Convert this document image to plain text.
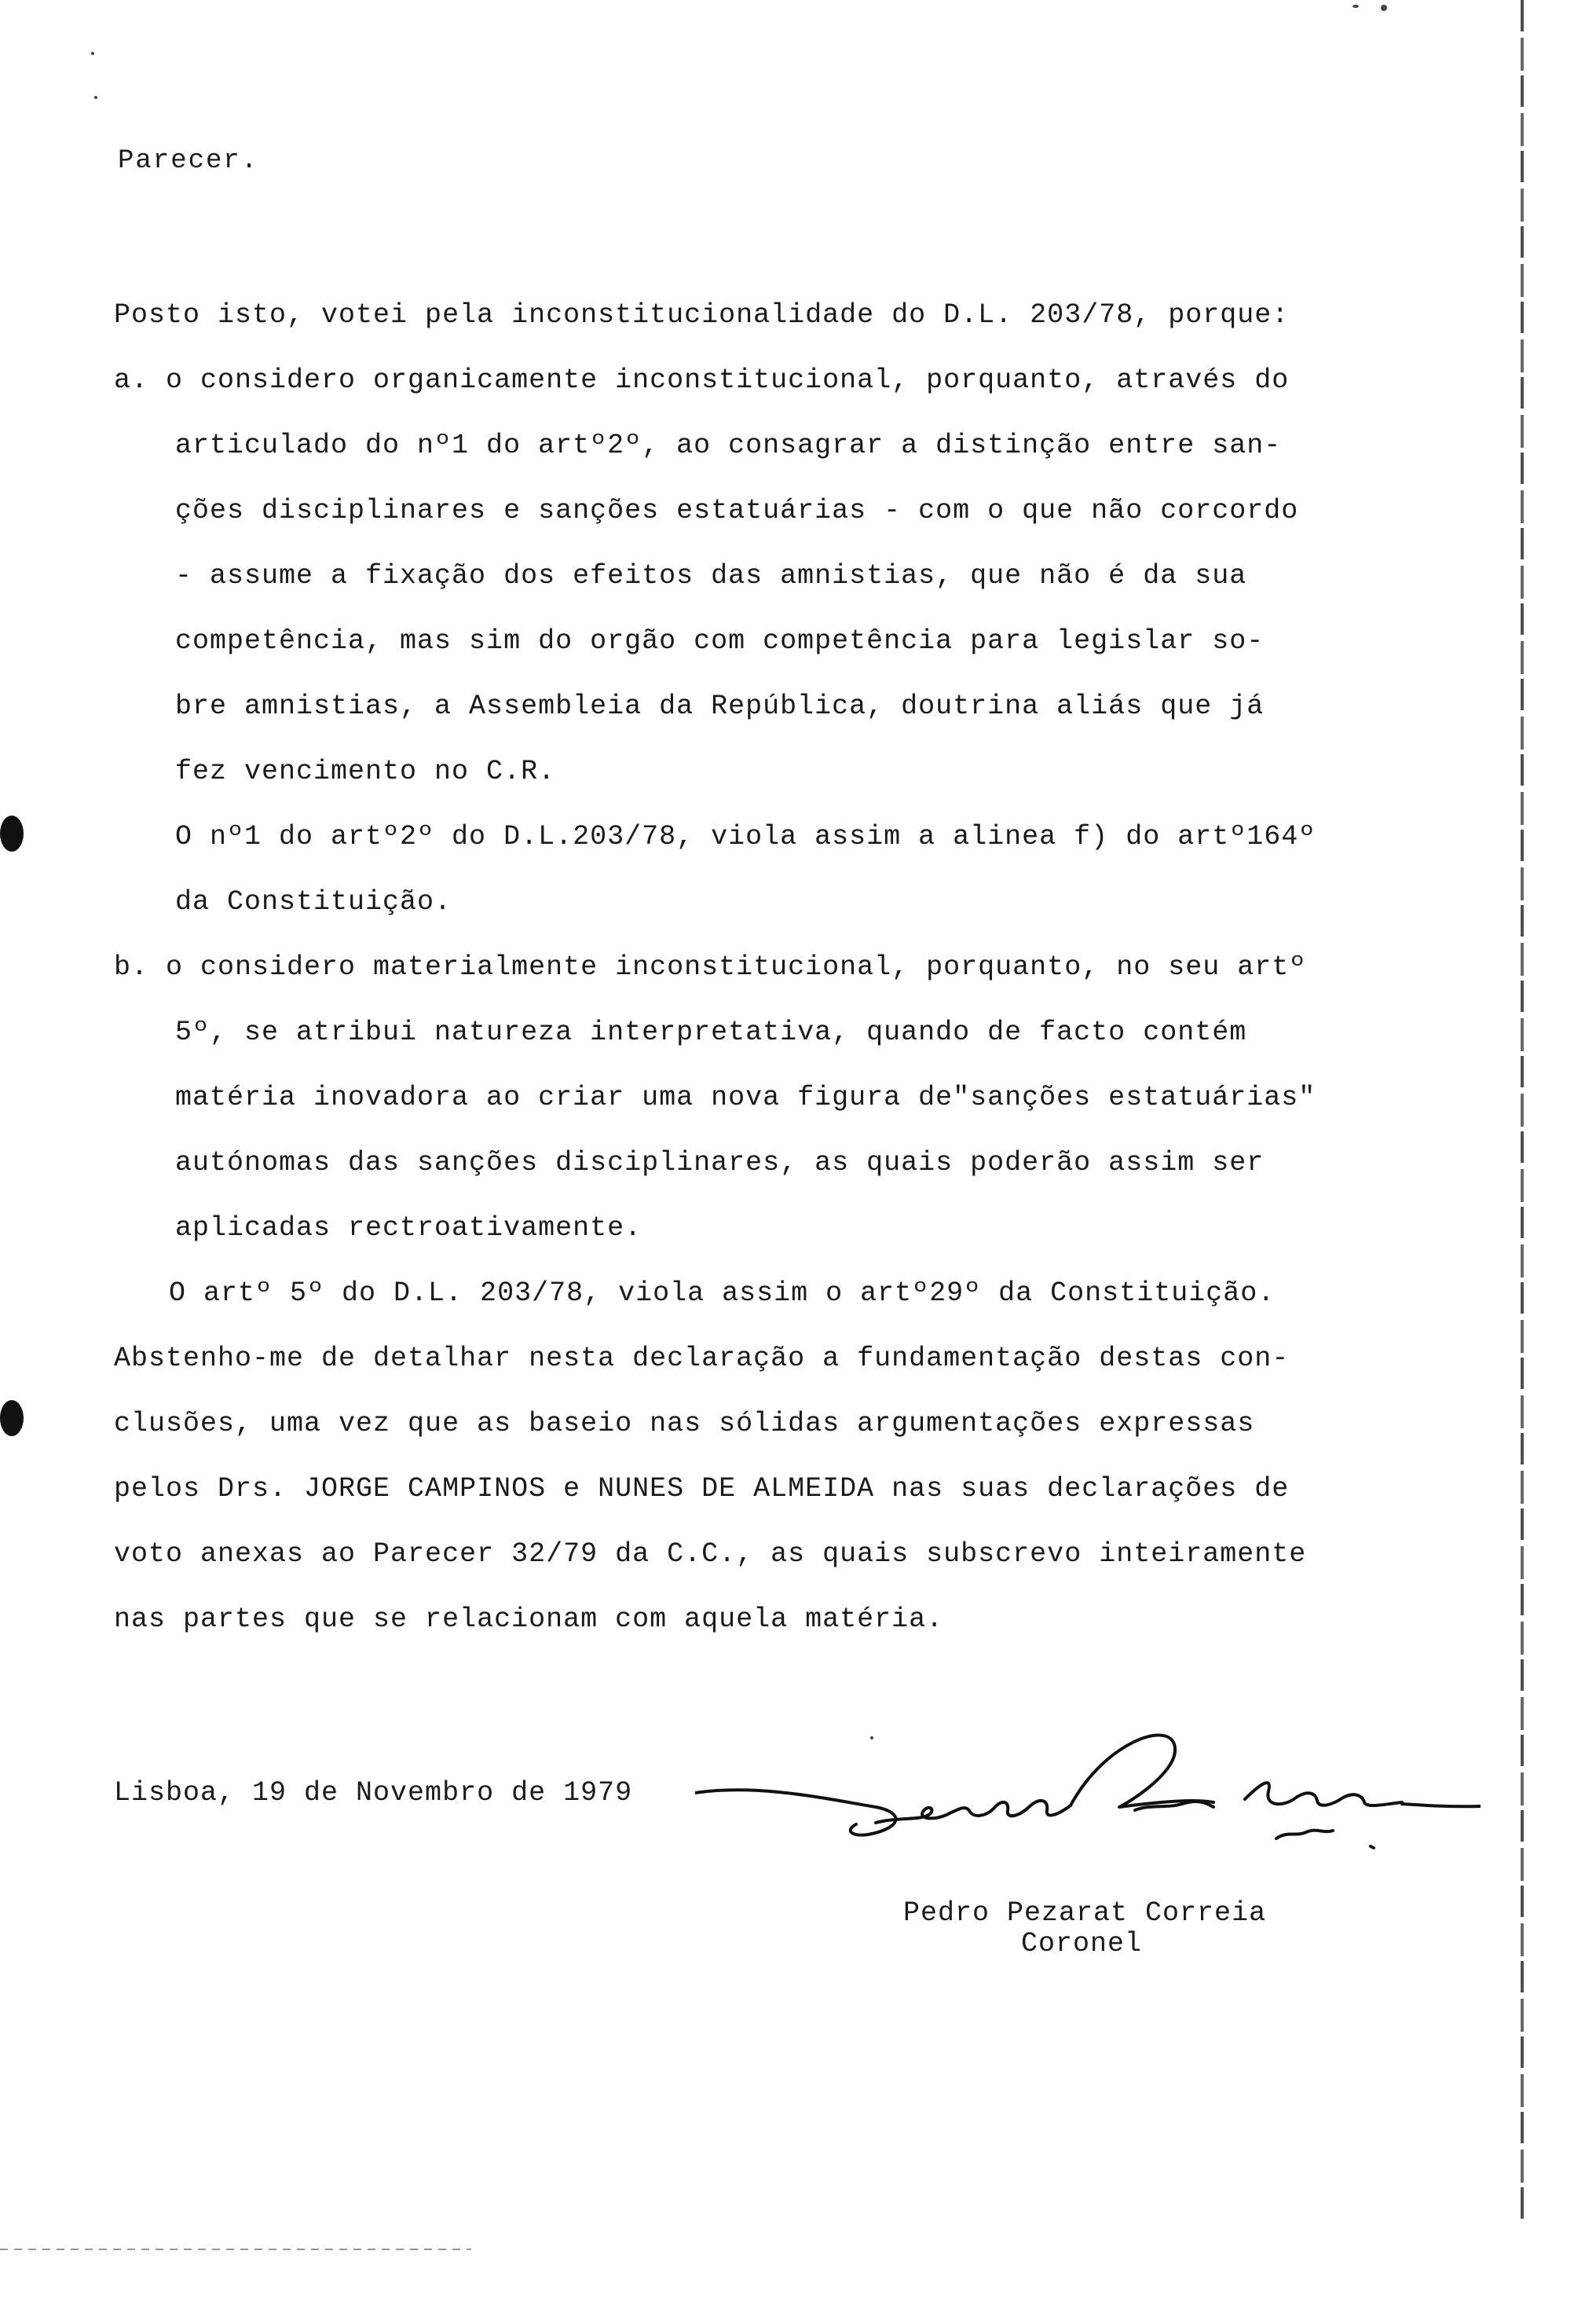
Parecer.
Posto isto, votei pela inconstitucionalidade do D.L. 203/78, porque:
a. o considero organicamente inconstitucional, porquanto, através do
articulado do nº1 do artº2º, ao consagrar a distinção entre san-
ções disciplinares e sanções estatuárias - com o que não corcordo
- assume a fixação dos efeitos das amnistias, que não é da sua
competência, mas sim do orgão com competência para legislar so-
bre amnistias, a Assembleia da República, doutrina aliás que já
fez vencimento no C.R.
O nº1 do artº2º do D.L.203/78, viola assim a alinea f) do artº164º
da Constituição.
b. o considero materialmente inconstitucional, porquanto, no seu artº
5º, se atribui natureza interpretativa, quando de facto contém
matéria inovadora ao criar uma nova figura de"sanções estatuárias"
autónomas das sanções disciplinares, as quais poderão assim ser
aplicadas rectroativamente.
O artº 5º do D.L. 203/78, viola assim o artº29º da Constituição.
Abstenho-me de detalhar nesta declaração a fundamentação destas con-
clusões, uma vez que as baseio nas sólidas argumentações expressas
pelos Drs. JORGE CAMPINOS e NUNES DE ALMEIDA nas suas declarações de
voto anexas ao Parecer 32/79 da C.C., as quais subscrevo inteiramente
nas partes que se relacionam com aquela matéria.
Lisboa, 19 de Novembro de 1979
Pedro Pezarat Correia
Coronel
